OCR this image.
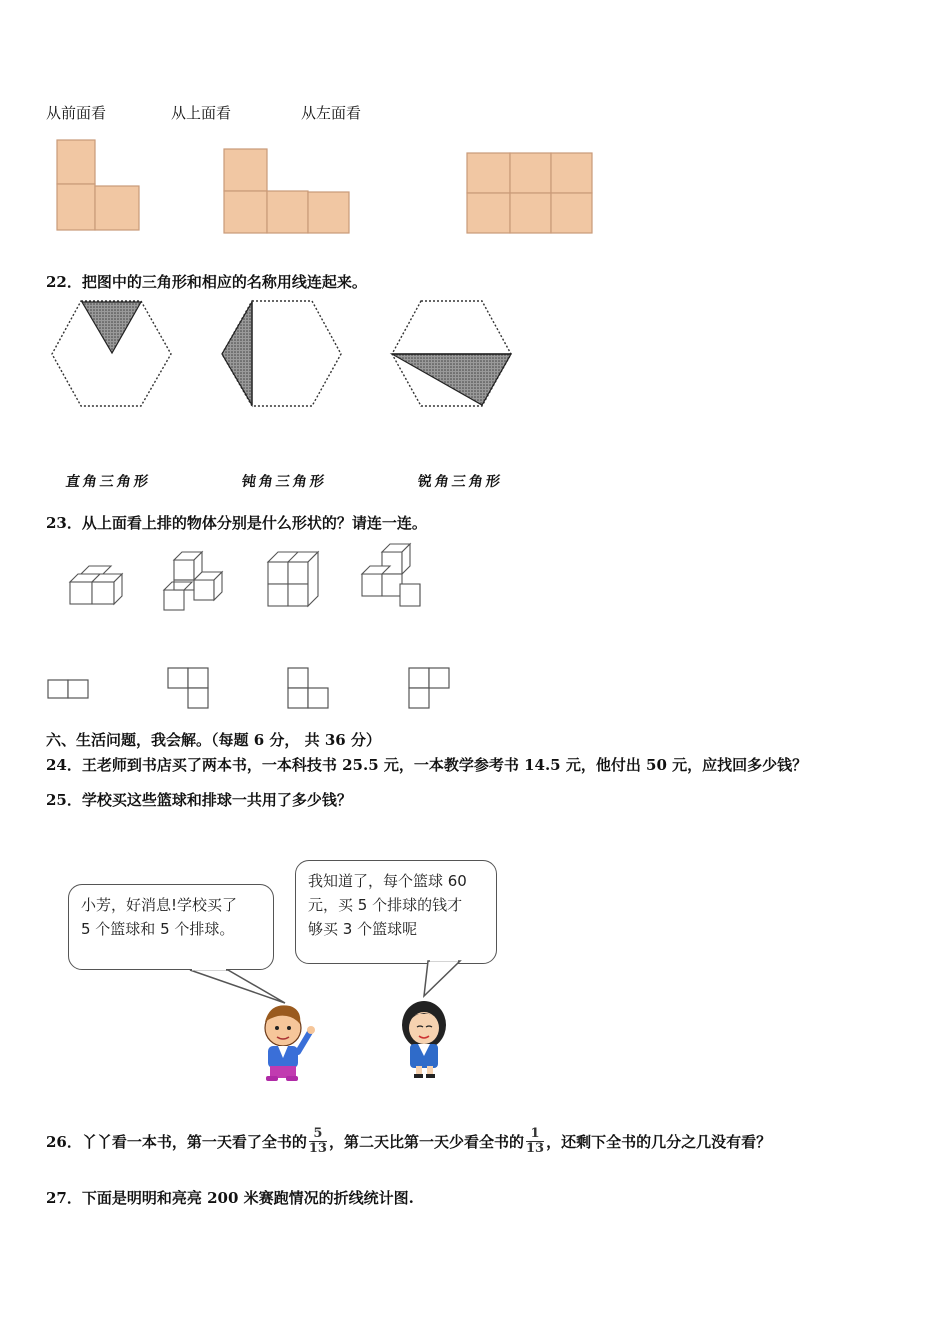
从前面看	从上面看	从左面看
22．把图中的三角形和相应的名称用线连起来。
直角三角形	钝角三角形	锐角三角形
23．从上面看上排的物体分别是什么形状的？请连一连。
六、生活问题，我会解。（每题 6 分， 共 36 分）
24．王老师到书店买了两本书，一本科技书 25.5 元，一本教学参考书 14.5 元，他付出 50 元，应找回多少钱？
25．学校买这些篮球和排球一共用了多少钱？
小芳，好消息!学校买了
5 个篮球和 5 个排球。
我知道了，每个篮球 60
元，买 5 个排球的钱才
够买 3 个篮球呢
26．丫丫看一本书，第一天看了全书的 $\frac{5}{13}$ ，第二天比第一天少看全书的 $\frac{1}{13}$ ，还剩下全书的几分之几没有看？
27．下面是明明和亮亮 200 米赛跑情况的折线统计图.
